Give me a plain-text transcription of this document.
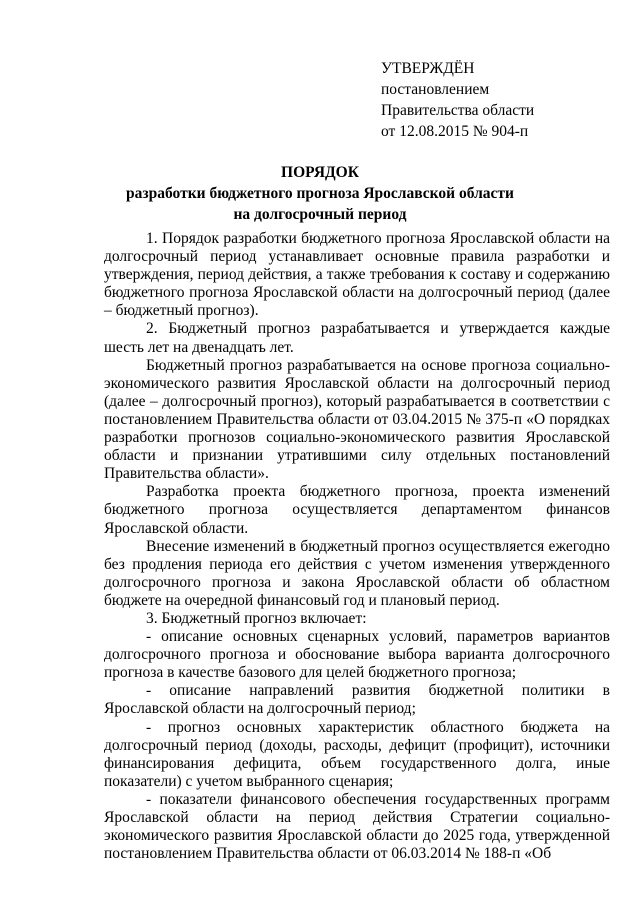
УТВЕРЖДЁН
постановлением
Правительства области
от 12.08.2015 № 904-п
ПОРЯДОК
разработки бюджетного прогноза Ярославской области
на долгосрочный период

1. Порядок разработки бюджетного прогноза Ярославской области на долгосрочный период устанавливает основные правила разработки и утверждения, период действия, а также требования к составу и содержанию бюджетного прогноза Ярославской области на долгосрочный период (далее – бюджетный прогноз).

2. Бюджетный прогноз разрабатывается и утверждается каждые шесть лет на двенадцать лет.

Бюджетный прогноз разрабатывается на основе прогноза социально-экономического развития Ярославской области на долгосрочный период (далее – долгосрочный прогноз), который разрабатывается в соответствии с постановлением Правительства области от 03.04.2015 № 375-п «О порядках разработки прогнозов социально-экономического развития Ярославской области и признании утратившими силу отдельных постановлений Правительства области».

Разработка проекта бюджетного прогноза, проекта изменений бюджетного прогноза осуществляется департаментом финансов Ярославской области.

Внесение изменений в бюджетный прогноз осуществляется ежегодно без продления периода его действия с учетом изменения утвержденного долгосрочного прогноза и закона Ярославской области об областном бюджете на очередной финансовый год и плановый период.

3. Бюджетный прогноз включает:

- описание основных сценарных условий, параметров вариантов долгосрочного прогноза и обоснование выбора варианта долгосрочного прогноза в качестве базового для целей бюджетного прогноза;

- описание направлений развития бюджетной политики в Ярославской области на долгосрочный период;

- прогноз основных характеристик областного бюджета на долгосрочный период (доходы, расходы, дефицит (профицит), источники финансирования дефицита, объем государственного долга, иные показатели) с учетом выбранного сценария;

- показатели финансового обеспечения государственных программ Ярославской области на период действия Стратегии социально-экономического развития Ярославской области до 2025 года, утвержденной постановлением Правительства области от 06.03.2014 № 188-п «Об
